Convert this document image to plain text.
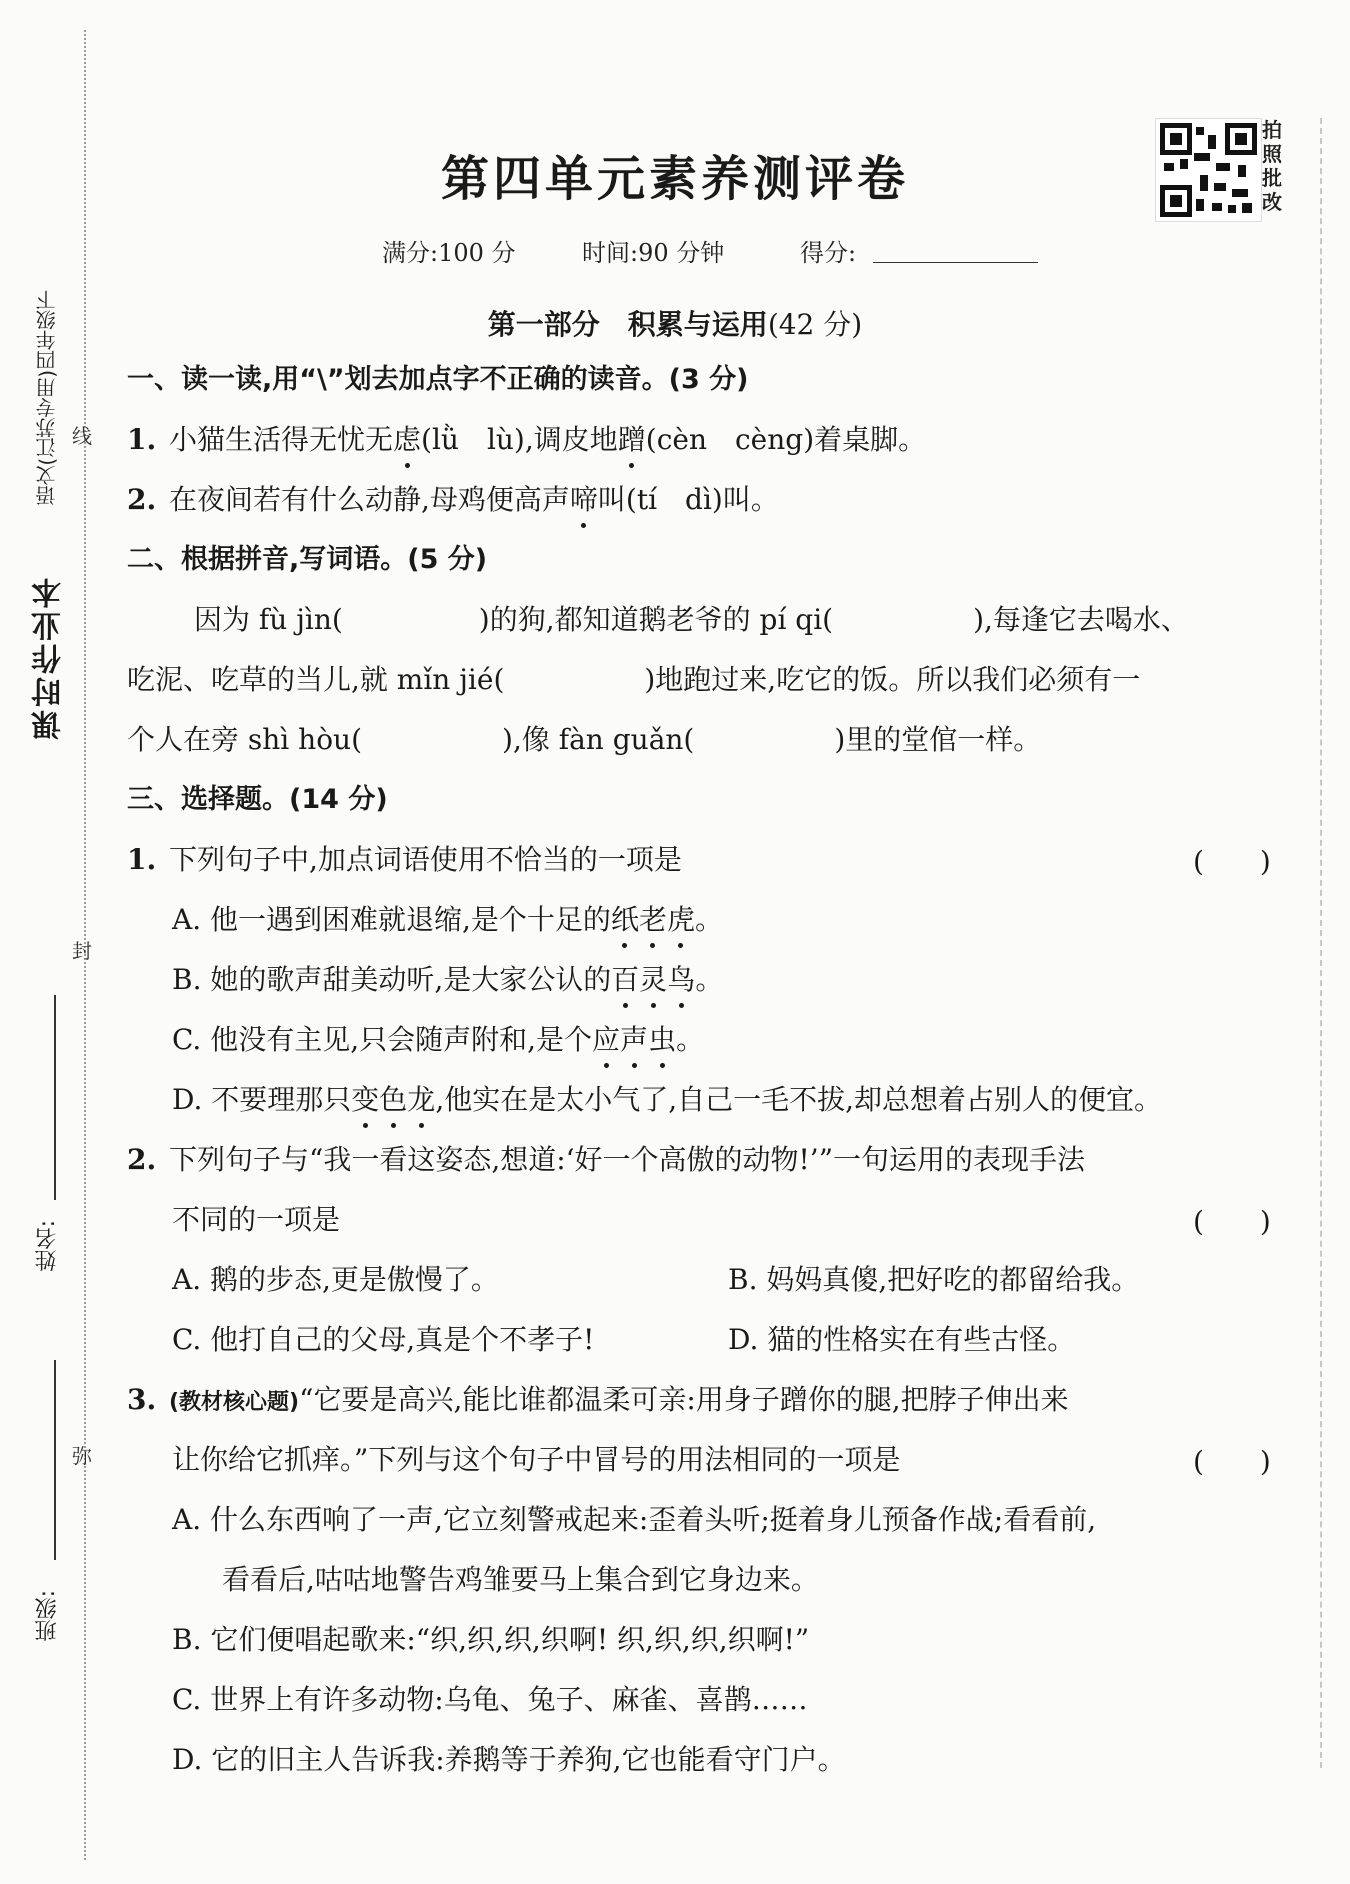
课时作业本
语文(江苏专用)四年级下 线
封
弥
姓名:
班级:
拍照批改
第四单元素养测评卷
满分:100 分	时间:90 分钟	得分:
第一部分　积累与运用(42 分)
一、读一读,用“\”划去加点字不正确的读音。(3 分)
1. 小猫生活得无忧无虑(lǜ　lù),调皮地蹭(cèn　cèng)着桌脚。
2. 在夜间若有什么动静,母鸡便高声啼叫(tí　dì)叫。
二、根据拼音,写词语。(5 分)
因为 fù jìn(	)的狗,都知道鹅老爷的 pí qi(	),每逢它去喝水、
吃泥、吃草的当儿,就 mǐn jié(	)地跑过来,吃它的饭。所以我们必须有一
个人在旁 shì hòu(	),像 fàn guǎn(	)里的堂倌一样。
三、选择题。(14 分)
1. 下列句子中,加点词语使用不恰当的一项是	(　　)
A. 他一遇到困难就退缩,是个十足的纸老虎。
B. 她的歌声甜美动听,是大家公认的百灵鸟。
C. 他没有主见,只会随声附和,是个应声虫。
D. 不要理那只变色龙,他实在是太小气了,自己一毛不拔,却总想着占别人的便宜。
2. 下列句子与“我一看这姿态,想道:‘好一个高傲的动物!’”一句运用的表现手法
不同的一项是	(　　)
A. 鹅的步态,更是傲慢了。	B. 妈妈真傻,把好吃的都留给我。
C. 他打自己的父母,真是个不孝子!	D. 猫的性格实在有些古怪。
3. (教材核心题)“它要是高兴,能比谁都温柔可亲:用身子蹭你的腿,把脖子伸出来
让你给它抓痒。”下列与这个句子中冒号的用法相同的一项是	(　　)
A. 什么东西响了一声,它立刻警戒起来:歪着头听;挺着身儿预备作战;看看前,
看看后,咕咕地警告鸡雏要马上集合到它身边来。
B. 它们便唱起歌来:“织,织,织,织啊! 织,织,织,织啊!”
C. 世界上有许多动物:乌龟、兔子、麻雀、喜鹊……
D. 它的旧主人告诉我:养鹅等于养狗,它也能看守门户。
